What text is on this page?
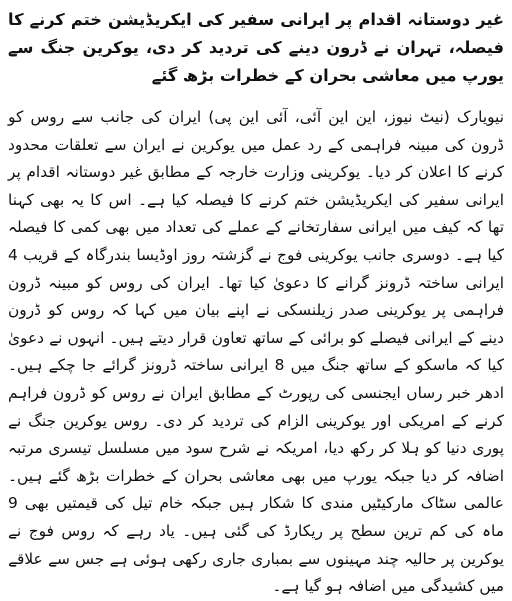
غیر دوستانہ اقدام پر ایرانی سفیر کی ایکریڈیشن ختم کرنے کا فیصلہ، تہران نے ڈرون دینے کی تردید کر دی، یوکرین جنگ سے یورپ میں معاشی بحران کے خطرات بڑھ گئے

نیویارک (نیٹ نیوز، این این آئی، آئی این پی) ایران کی جانب سے روس کو ڈرون کی مبینہ فراہمی کے رد عمل میں یوکرین نے ایران سے تعلقات محدود کرنے کا اعلان کر دیا۔ یوکرینی وزارت خارجہ کے مطابق غیر دوستانہ اقدام پر ایرانی سفیر کی ایکریڈیشن ختم کرنے کا فیصلہ کیا ہے۔ اس کا یہ بھی کہنا تھا کہ کیف میں ایرانی سفارتخانے کے عملے کی تعداد میں بھی کمی کا فیصلہ کیا ہے۔ دوسری جانب یوکرینی فوج نے گزشتہ روز اوڈیسا بندرگاہ کے قریب 4 ایرانی ساختہ ڈرونز گرانے کا دعویٰ کیا تھا۔ ایران کی روس کو مبینہ ڈرون فراہمی پر یوکرینی صدر زیلنسکی نے اپنے بیان میں کہا کہ روس کو ڈرون دینے کے ایرانی فیصلے کو برائی کے ساتھ تعاون قرار دیتے ہیں۔ انہوں نے دعویٰ کیا کہ ماسکو کے ساتھ جنگ میں 8 ایرانی ساختہ ڈرونز گرائے جا چکے ہیں۔ ادھر خبر رساں ایجنسی کی رپورٹ کے مطابق ایران نے روس کو ڈرون فراہم کرنے کے امریکی اور یوکرینی الزام کی تردید کر دی۔ روس یوکرین جنگ نے پوری دنیا کو ہلا کر رکھ دیا، امریکہ نے شرح سود میں مسلسل تیسری مرتبہ اضافہ کر دیا جبکہ یورپ میں بھی معاشی بحران کے خطرات بڑھ گئے ہیں۔ عالمی سٹاک مارکیٹیں مندی کا شکار ہیں جبکہ خام تیل کی قیمتیں بھی 9 ماہ کی کم ترین سطح پر ریکارڈ کی گئی ہیں۔ یاد رہے کہ روس فوج نے یوکرین پر حالیہ چند مہینوں سے بمباری جاری رکھی ہوئی ہے جس سے علاقے میں کشیدگی میں اضافہ ہو گیا ہے۔
